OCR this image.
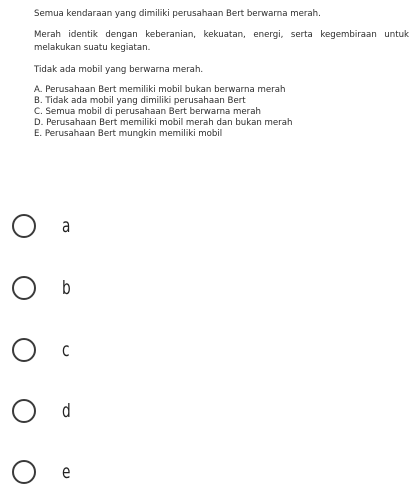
Semua kendaraan yang dimiliki perusahaan Bert berwarna merah.

Merah identik dengan keberanian, kekuatan, energi, serta kegembiraan untuk melakukan suatu kegiatan.

Tidak ada mobil yang berwarna merah.

A. Perusahaan Bert memiliki mobil bukan berwarna merah
B. Tidak ada mobil yang dimiliki perusahaan Bert
C. Semua mobil di perusahaan Bert berwarna merah
D. Perusahaan Bert memiliki mobil merah dan bukan merah
E. Perusahaan Bert mungkin memiliki mobil
a
b
c
d
e
